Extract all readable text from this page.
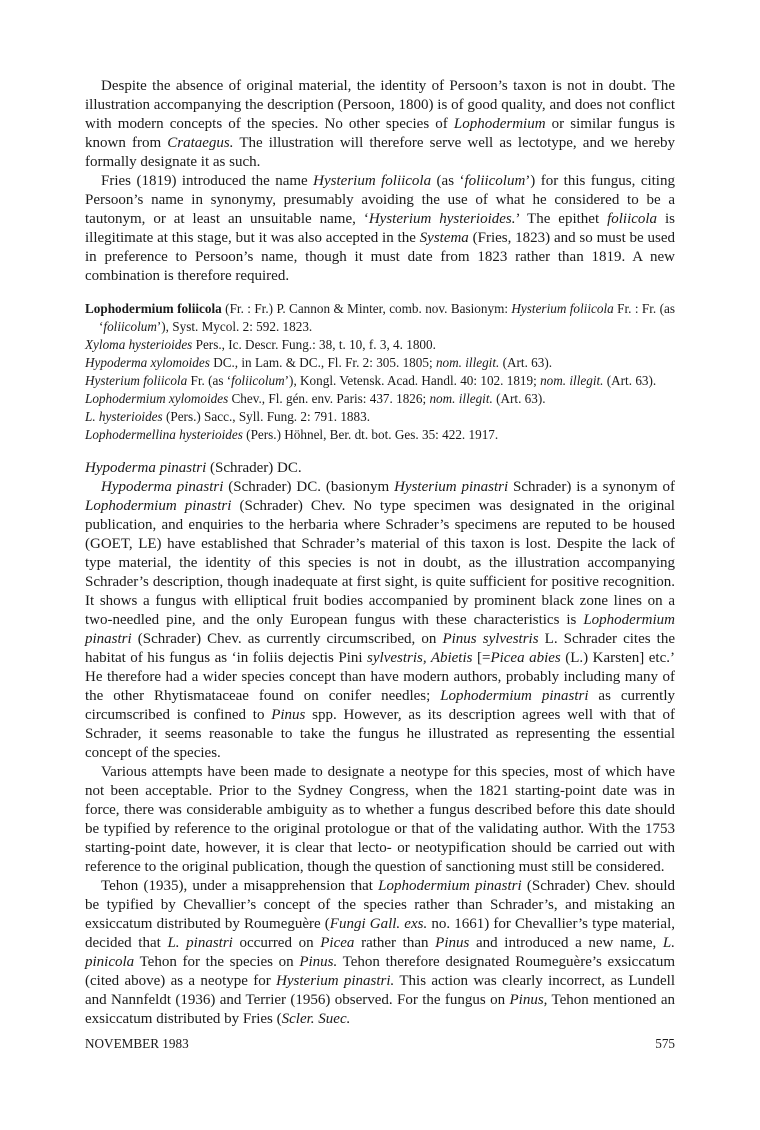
Despite the absence of original material, the identity of Persoon’s taxon is not in doubt. The illustration accompanying the description (Persoon, 1800) is of good quality, and does not conflict with modern concepts of the species. No other species of Lophodermium or similar fungus is known from Crataegus. The illustration will therefore serve well as lectotype, and we hereby formally designate it as such.

Fries (1819) introduced the name Hysterium foliicola (as ‘foliicolum’) for this fungus, citing Persoon’s name in synonymy, presumably avoiding the use of what he considered to be a tautonym, or at least an unsuitable name, ‘Hysterium hysterioides.’ The epithet foliicola is illegitimate at this stage, but it was also accepted in the Systema (Fries, 1823) and so must be used in preference to Persoon’s name, though it must date from 1823 rather than 1819. A new combination is therefore required.

Lophodermium foliicola (Fr. : Fr.) P. Cannon & Minter, comb. nov. Basionym: Hysterium foliicola Fr. : Fr. (as ‘foliicolum’), Syst. Mycol. 2: 592. 1823.

Xyloma hysterioides Pers., Ic. Descr. Fung.: 38, t. 10, f. 3, 4. 1800.

Hypoderma xylomoides DC., in Lam. & DC., Fl. Fr. 2: 305. 1805; nom. illegit. (Art. 63).

Hysterium foliicola Fr. (as ‘foliicolum’), Kongl. Vetensk. Acad. Handl. 40: 102. 1819; nom. illegit. (Art. 63).

Lophodermium xylomoides Chev., Fl. gén. env. Paris: 437. 1826; nom. illegit. (Art. 63).

L. hysterioides (Pers.) Sacc., Syll. Fung. 2: 791. 1883.

Lophodermellina hysterioides (Pers.) Höhnel, Ber. dt. bot. Ges. 35: 422. 1917.

Hypoderma pinastri (Schrader) DC.

Hypoderma pinastri (Schrader) DC. (basionym Hysterium pinastri Schrader) is a synonym of Lophodermium pinastri (Schrader) Chev. No type specimen was designated in the original publication, and enquiries to the herbaria where Schrader’s specimens are reputed to be housed (GOET, LE) have established that Schrader’s material of this taxon is lost. Despite the lack of type material, the identity of this species is not in doubt, as the illustration accompanying Schrader’s description, though inadequate at first sight, is quite sufficient for positive recognition. It shows a fungus with elliptical fruit bodies accompanied by prominent black zone lines on a two-needled pine, and the only European fungus with these characteristics is Lophodermium pinastri (Schrader) Chev. as currently circumscribed, on Pinus sylvestris L. Schrader cites the habitat of his fungus as ‘in foliis dejectis Pini sylvestris, Abietis [=Picea abies (L.) Karsten] etc.’ He therefore had a wider species concept than have modern authors, probably including many of the other Rhytismataceae found on conifer needles; Lophodermium pinastri as currently circumscribed is confined to Pinus spp. However, as its description agrees well with that of Schrader, it seems reasonable to take the fungus he illustrated as representing the essential concept of the species.

Various attempts have been made to designate a neotype for this species, most of which have not been acceptable. Prior to the Sydney Congress, when the 1821 starting-point date was in force, there was considerable ambiguity as to whether a fungus described before this date should be typified by reference to the original protologue or that of the validating author. With the 1753 starting-point date, however, it is clear that lecto- or neotypification should be carried out with reference to the original publication, though the question of sanctioning must still be considered.

Tehon (1935), under a misapprehension that Lophodermium pinastri (Schrader) Chev. should be typified by Chevallier’s concept of the species rather than Schrader’s, and mistaking an exsiccatum distributed by Roumeguère (Fungi Gall. exs. no. 1661) for Chevallier’s type material, decided that L. pinastri occurred on Picea rather than Pinus and introduced a new name, L. pinicola Tehon for the species on Pinus. Tehon therefore designated Roumeguère’s exsiccatum (cited above) as a neotype for Hysterium pinastri. This action was clearly incorrect, as Lundell and Nannfeldt (1936) and Terrier (1956) observed. For the fungus on Pinus, Tehon mentioned an exsiccatum distributed by Fries (Scler. Suec.

NOVEMBER 1983	575
